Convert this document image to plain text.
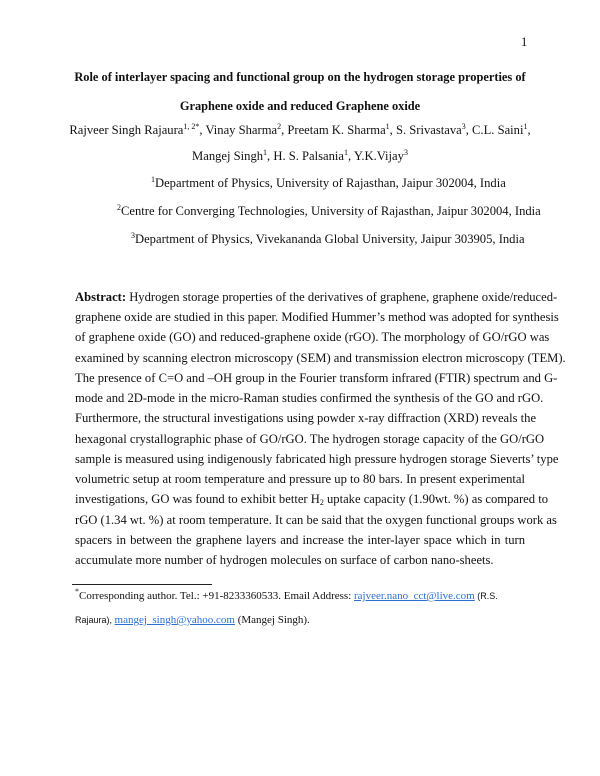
1
Role of interlayer spacing and functional group on the hydrogen storage properties of
Graphene oxide and reduced Graphene oxide
Rajveer Singh Rajaura$^{1, 2*}$, Vinay Sharma$^2$, Preetam K. Sharma$^1$, S. Srivastava$^3$, C.L. Saini$^1$,
Mangej Singh$^1$, H. S. Palsania$^1$, Y.K.Vijay$^3$
$^1$Department of Physics, University of Rajasthan, Jaipur 302004, India
$^2$Centre for Converging Technologies, University of Rajasthan, Jaipur 302004, India
$^3$Department of Physics, Vivekananda Global University, Jaipur 303905, India
Abstract: Hydrogen storage properties of the derivatives of graphene, graphene oxide/reduced-
graphene oxide are studied in this paper. Modified Hummer’s method was adopted for synthesis
of graphene oxide (GO) and reduced-graphene oxide (rGO). The morphology of GO/rGO was
examined by scanning electron microscopy (SEM) and transmission electron microscopy (TEM).
The presence of C=O and –OH group in the Fourier transform infrared (FTIR) spectrum and G-
mode and 2D-mode in the micro-Raman studies confirmed the synthesis of the GO and rGO.
Furthermore, the structural investigations using powder x-ray diffraction (XRD) reveals the
hexagonal crystallographic phase of GO/rGO. The hydrogen storage capacity of the GO/rGO
sample is measured using indigenously fabricated high pressure hydrogen storage Sieverts’ type
volumetric setup at room temperature and pressure up to 80 bars. In present experimental
investigations, GO was found to exhibit better $H_2$ uptake capacity (1.90wt. %) as compared to
rGO (1.34 wt. %) at room temperature. It can be said that the oxygen functional groups work as
spacers in between the graphene layers and increase the inter-layer space which in turn
accumulate more number of hydrogen molecules on surface of carbon nano-sheets.
*Corresponding author. Tel.: +91-8233360533. Email Address: rajveer.nano_cct@live.com (R.S.
Rajaura), mangej_singh@yahoo.com (Mangej Singh).
